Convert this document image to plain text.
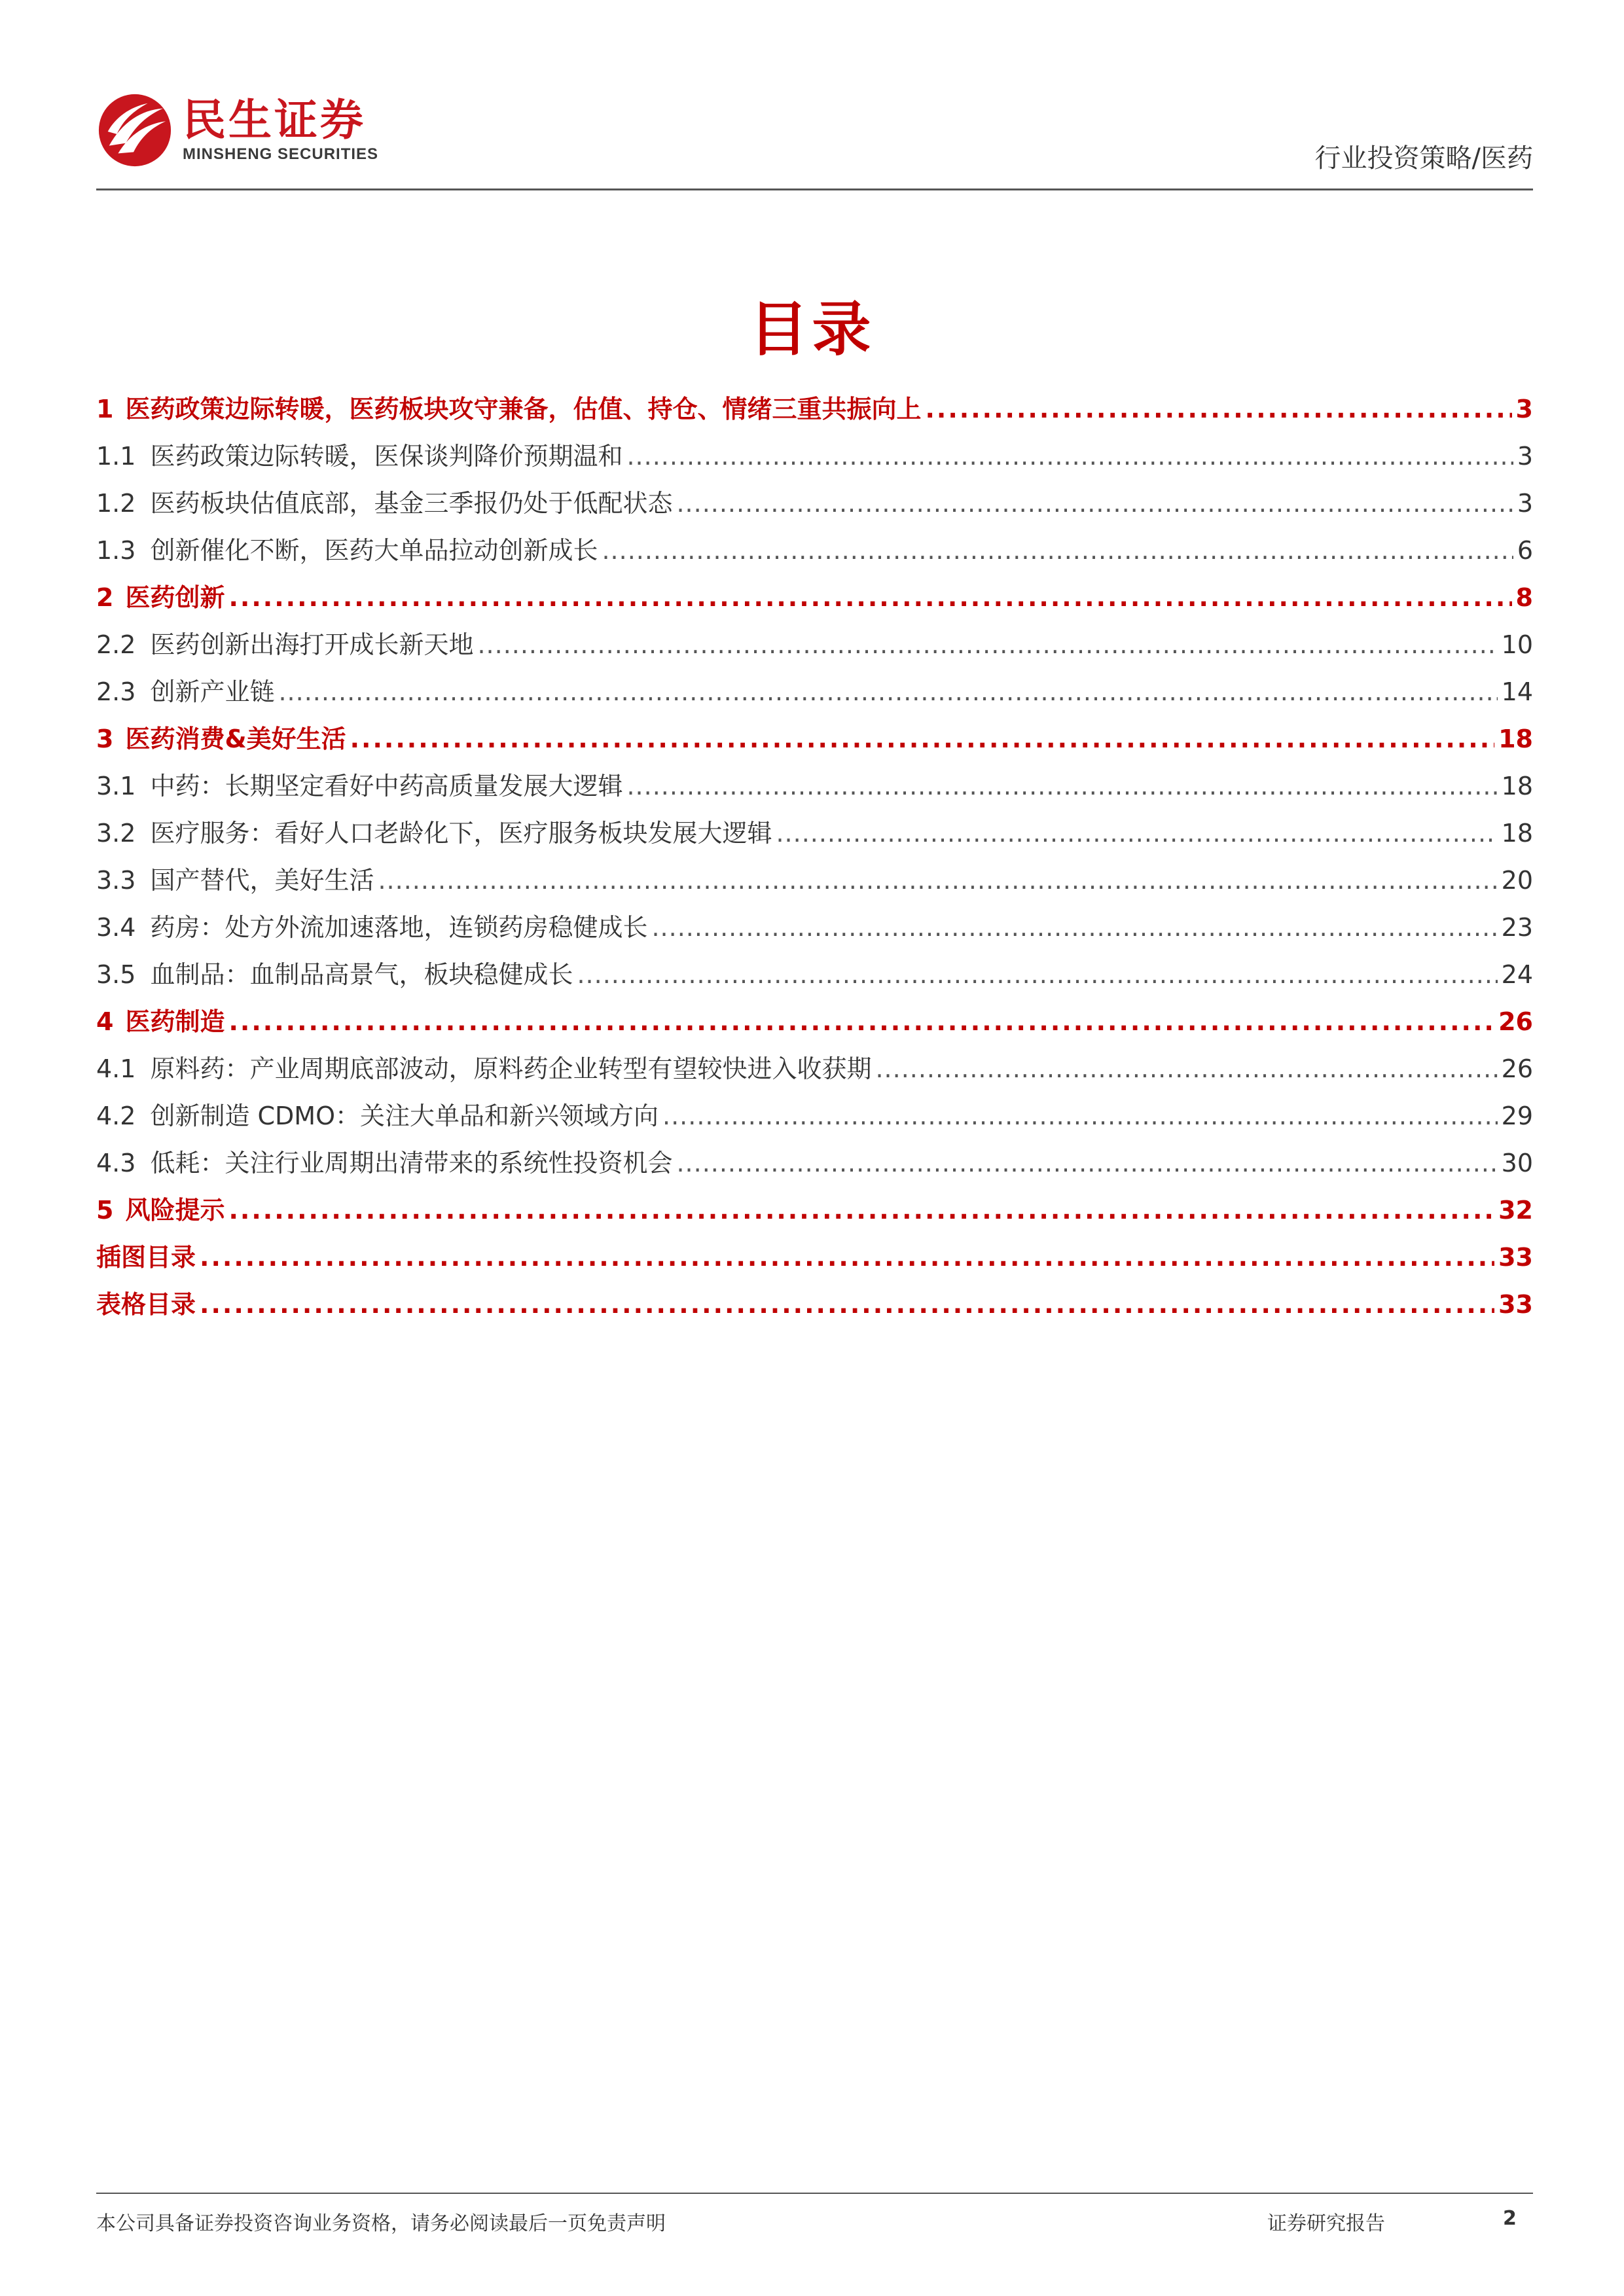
民生证券
MINSHENG SECURITIES	行业投资策略/医药
目录
1 医药政策边际转暖，医药板块攻守兼备，估值、持仓、情绪三重共振向上 .....	3
1.1 医药政策边际转暖，医保谈判降价预期温和 .....	3
1.2 医药板块估值底部，基金三季报仍处于低配状态 .....	3
1.3 创新催化不断，医药大单品拉动创新成长 .....	6
2 医药创新 .....	8
2.2 医药创新出海打开成长新天地 .....	10
2.3 创新产业链 .....	14
3 医药消费&美好生活 .....	18
3.1 中药：长期坚定看好中药高质量发展大逻辑 .....	18
3.2 医疗服务：看好人口老龄化下，医疗服务板块发展大逻辑 .....	18
3.3 国产替代，美好生活 .....	20
3.4 药房：处方外流加速落地，连锁药房稳健成长 .....	23
3.5 血制品：血制品高景气，板块稳健成长 .....	24
4 医药制造 .....	26
4.1 原料药：产业周期底部波动，原料药企业转型有望较快进入收获期 .....	26
4.2 创新制造 CDMO：关注大单品和新兴领域方向 .....	29
4.3 低耗：关注行业周期出清带来的系统性投资机会 .....	30
5 风险提示 .....	32
插图目录 .....	33
表格目录 .....	33
本公司具备证券投资咨询业务资格，请务必阅读最后一页免责声明	证券研究报告	2
